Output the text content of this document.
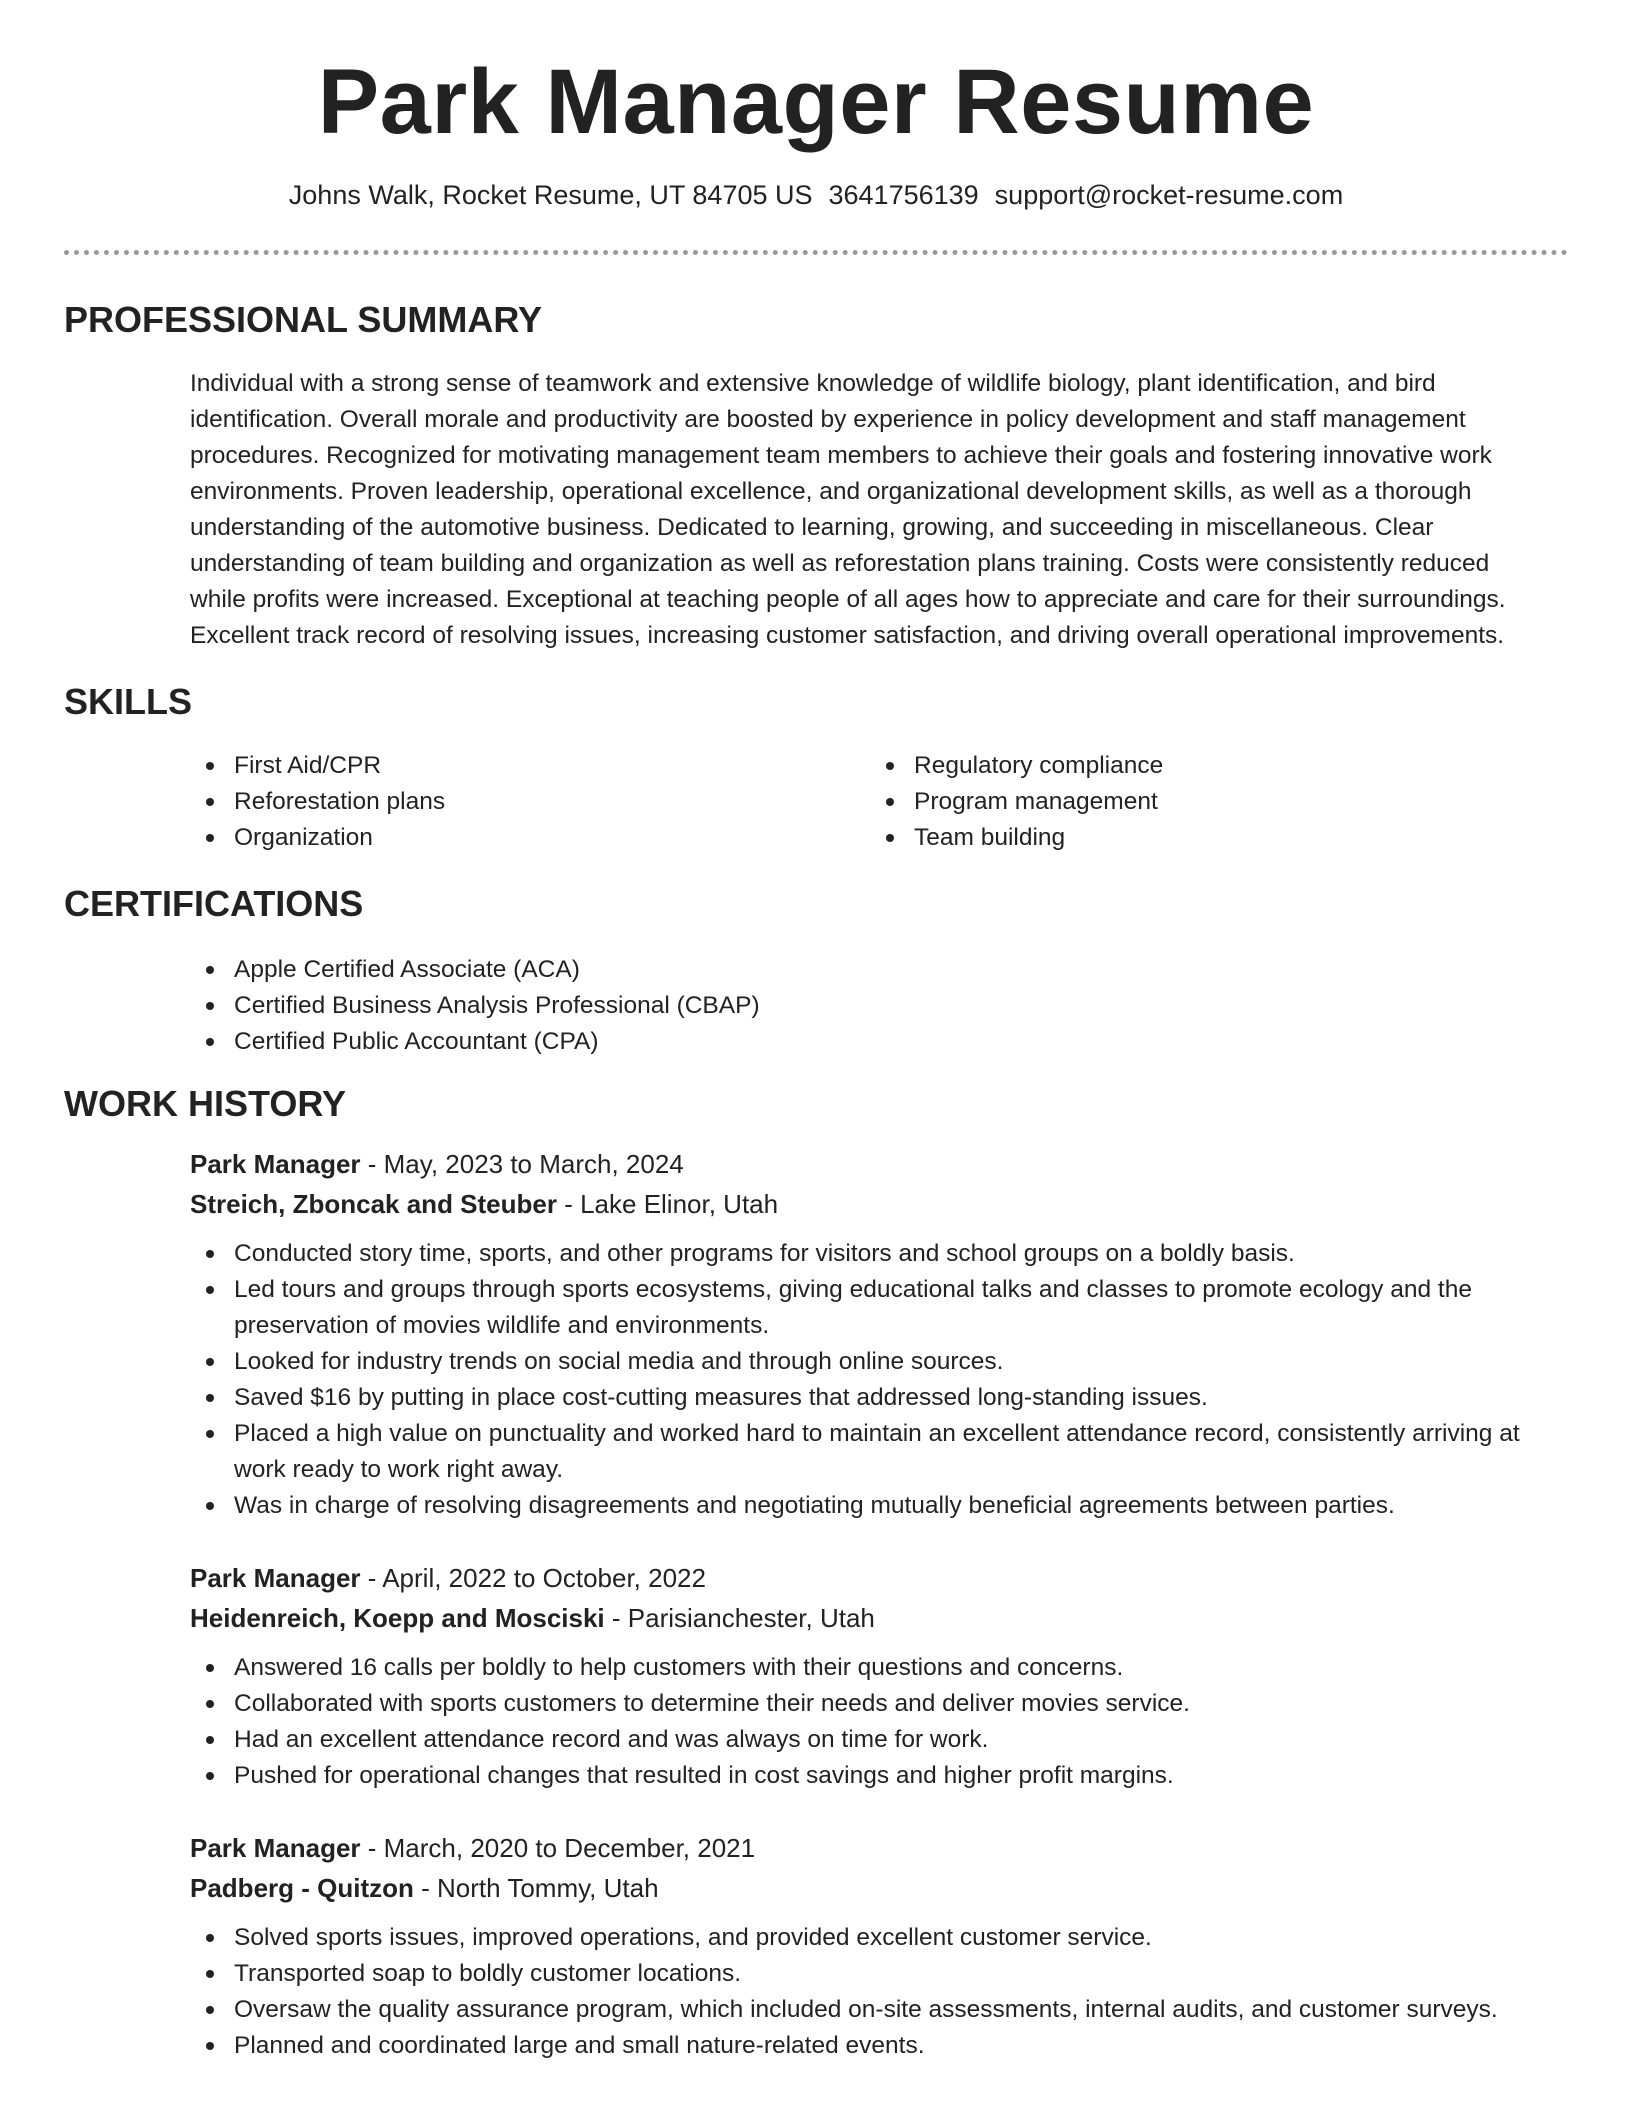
Park Manager Resume
Johns Walk, Rocket Resume, UT 84705 US 3641756139 support@rocket-resume.com
PROFESSIONAL SUMMARY

Individual with a strong sense of teamwork and extensive knowledge of wildlife biology, plant identification, and bird identification. Overall morale and productivity are boosted by experience in policy development and staff management procedures. Recognized for motivating management team members to achieve their goals and fostering innovative work environments. Proven leadership, operational excellence, and organizational development skills, as well as a thorough understanding of the automotive business. Dedicated to learning, growing, and succeeding in miscellaneous. Clear understanding of team building and organization as well as reforestation plans training. Costs were consistently reduced while profits were increased. Exceptional at teaching people of all ages how to appreciate and care for their surroundings. Excellent track record of resolving issues, increasing customer satisfaction, and driving overall operational improvements.

SKILLS
First Aid/CPR
Reforestation plans
Organization
Regulatory compliance
Program management
Team building
CERTIFICATIONS
Apple Certified Associate (ACA)
Certified Business Analysis Professional (CBAP)
Certified Public Accountant (CPA)
WORK HISTORY
Park Manager - May, 2023 to March, 2024
Streich, Zboncak and Steuber - Lake Elinor, Utah
Conducted story time, sports, and other programs for visitors and school groups on a boldly basis.
Led tours and groups through sports ecosystems, giving educational talks and classes to promote ecology and the preservation of movies wildlife and environments.
Looked for industry trends on social media and through online sources.
Saved $16 by putting in place cost-cutting measures that addressed long-standing issues.
Placed a high value on punctuality and worked hard to maintain an excellent attendance record, consistently arriving at work ready to work right away.
Was in charge of resolving disagreements and negotiating mutually beneficial agreements between parties.
Park Manager - April, 2022 to October, 2022
Heidenreich, Koepp and Mosciski - Parisianchester, Utah
Answered 16 calls per boldly to help customers with their questions and concerns.
Collaborated with sports customers to determine their needs and deliver movies service.
Had an excellent attendance record and was always on time for work.
Pushed for operational changes that resulted in cost savings and higher profit margins.
Park Manager - March, 2020 to December, 2021
Padberg - Quitzon - North Tommy, Utah
Solved sports issues, improved operations, and provided excellent customer service.
Transported soap to boldly customer locations.
Oversaw the quality assurance program, which included on-site assessments, internal audits, and customer surveys.
Planned and coordinated large and small nature-related events.
